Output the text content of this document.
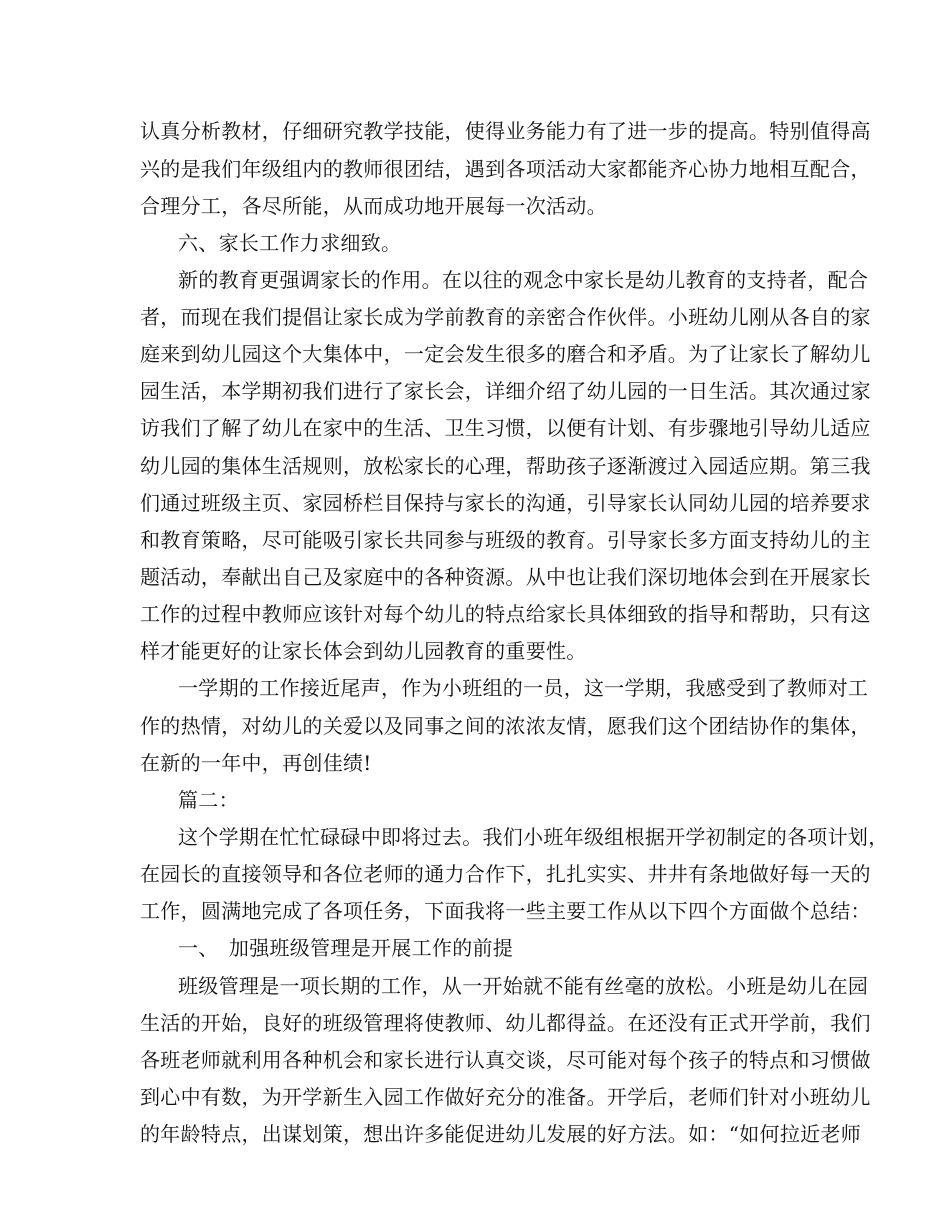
认真分析教材，仔细研究教学技能，使得业务能力有了进一步的提高。特别值得高
兴的是我们年级组内的教师很团结，遇到各项活动大家都能齐心协力地相互配合，
合理分工，各尽所能，从而成功地开展每一次活动。
六、家长工作力求细致。
新的教育更强调家长的作用。在以往的观念中家长是幼儿教育的支持者，配合
者，而现在我们提倡让家长成为学前教育的亲密合作伙伴。小班幼儿刚从各自的家
庭来到幼儿园这个大集体中，一定会发生很多的磨合和矛盾。为了让家长了解幼儿
园生活，本学期初我们进行了家长会，详细介绍了幼儿园的一日生活。其次通过家
访我们了解了幼儿在家中的生活、卫生习惯，以便有计划、有步骤地引导幼儿适应
幼儿园的集体生活规则，放松家长的心理，帮助孩子逐渐渡过入园适应期。第三我
们通过班级主页、家园桥栏目保持与家长的沟通，引导家长认同幼儿园的培养要求
和教育策略，尽可能吸引家长共同参与班级的教育。引导家长多方面支持幼儿的主
题活动，奉献出自己及家庭中的各种资源。从中也让我们深切地体会到在开展家长
工作的过程中教师应该针对每个幼儿的特点给家长具体细致的指导和帮助，只有这
样才能更好的让家长体会到幼儿园教育的重要性。
一学期的工作接近尾声，作为小班组的一员，这一学期，我感受到了教师对工
作的热情，对幼儿的关爱以及同事之间的浓浓友情，愿我们这个团结协作的集体，
在新的一年中，再创佳绩!
篇二：
这个学期在忙忙碌碌中即将过去。我们小班年级组根据开学初制定的各项计划，
在园长的直接领导和各位老师的通力合作下，扎扎实实、井井有条地做好每一天的
工作，圆满地完成了各项任务，下面我将一些主要工作从以下四个方面做个总结：
一、　加强班级管理是开展工作的前提
班级管理是一项长期的工作，从一开始就不能有丝毫的放松。小班是幼儿在园
生活的开始，良好的班级管理将使教师、幼儿都得益。在还没有正式开学前，我们
各班老师就利用各种机会和家长进行认真交谈，尽可能对每个孩子的特点和习惯做
到心中有数，为开学新生入园工作做好充分的准备。开学后，老师们针对小班幼儿
的年龄特点，出谋划策，想出许多能促进幼儿发展的好方法。如：“如何拉近老师
